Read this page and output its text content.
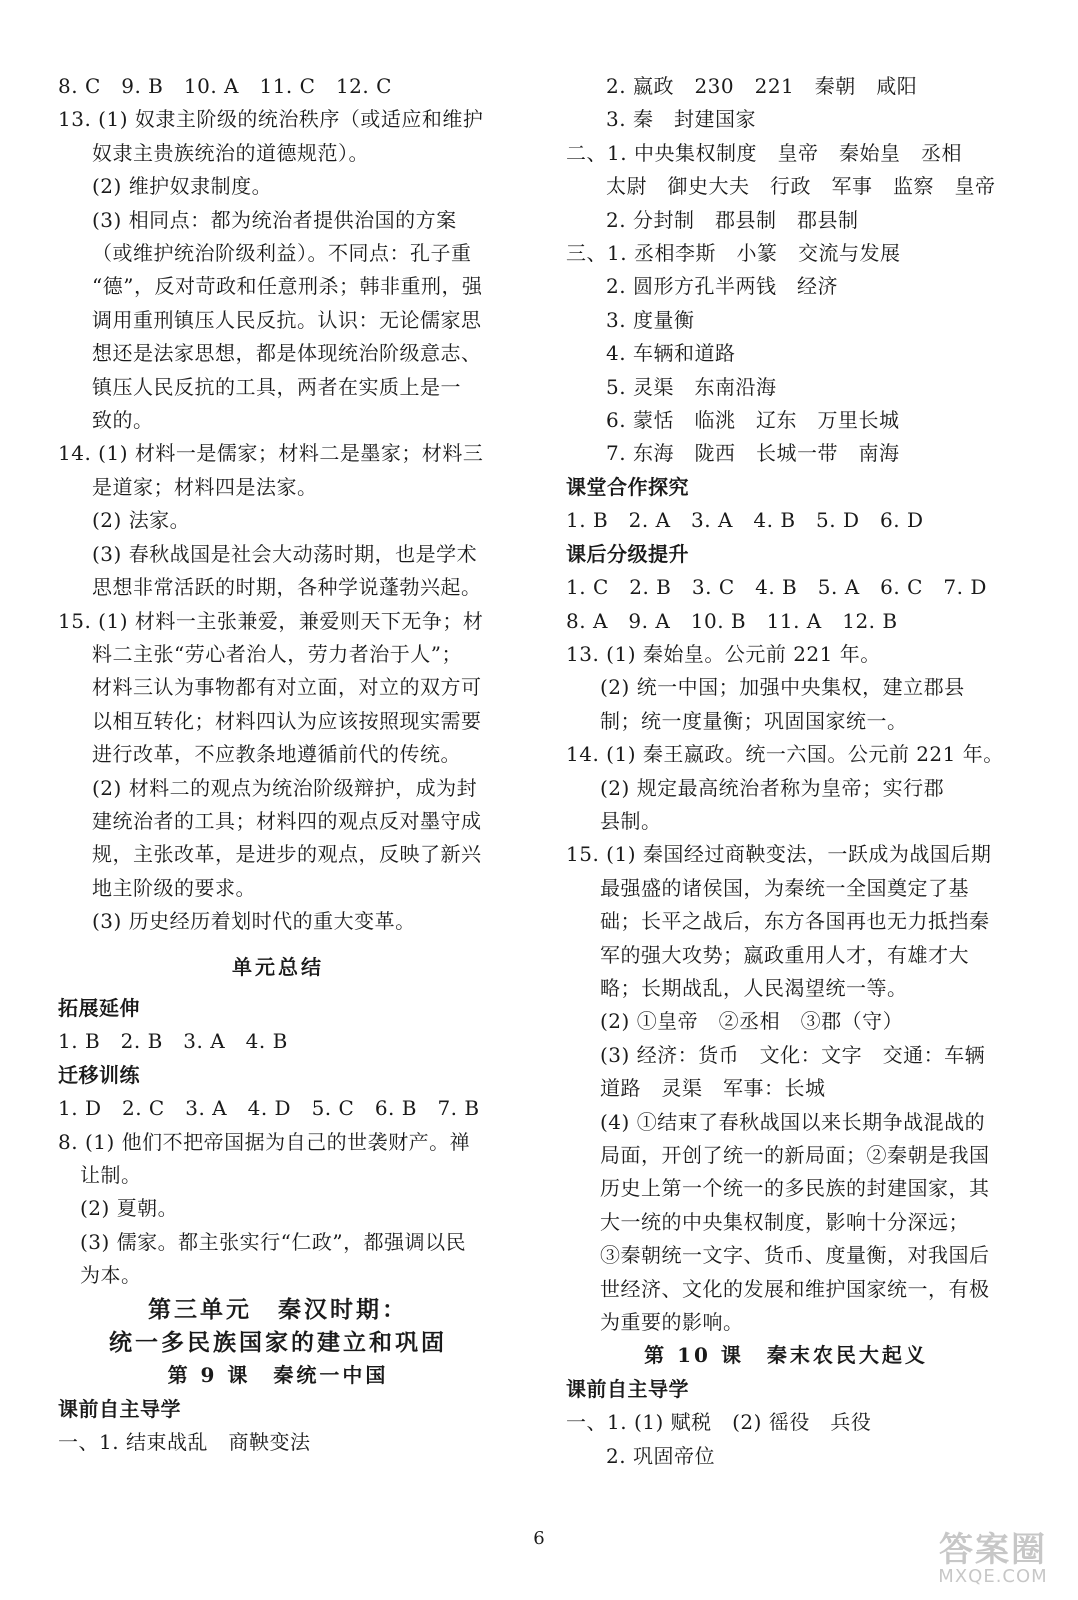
8. C　9. B　10. A　11. C　12. C
13. (1) 奴隶主阶级的统治秩序（或适应和维护
奴隶主贵族统治的道德规范）。
(2) 维护奴隶制度。
(3) 相同点：都为统治者提供治国的方案
（或维护统治阶级利益）。不同点：孔子重
“德”，反对苛政和任意刑杀；韩非重刑，强
调用重刑镇压人民反抗。认识：无论儒家思
想还是法家思想，都是体现统治阶级意志、
镇压人民反抗的工具，两者在实质上是一
致的。
14. (1) 材料一是儒家；材料二是墨家；材料三
是道家；材料四是法家。
(2) 法家。
(3) 春秋战国是社会大动荡时期，也是学术
思想非常活跃的时期，各种学说蓬勃兴起。
15. (1) 材料一主张兼爱，兼爱则天下无争；材
料二主张“劳心者治人，劳力者治于人”；
材料三认为事物都有对立面，对立的双方可
以相互转化；材料四认为应该按照现实需要
进行改革，不应教条地遵循前代的传统。
(2) 材料二的观点为统治阶级辩护，成为封
建统治者的工具；材料四的观点反对墨守成
规，主张改革，是进步的观点，反映了新兴
地主阶级的要求。
(3) 历史经历着划时代的重大变革。
单元总结
拓展延伸
1. B　2. B　3. A　4. B
迁移训练
1. D　2. C　3. A　4. D　5. C　6. B　7. B
8. (1) 他们不把帝国据为自己的世袭财产。禅
让制。
(2) 夏朝。
(3) 儒家。都主张实行“仁政”，都强调以民
为本。
第三单元　秦汉时期：
统一多民族国家的建立和巩固
第 9 课　秦统一中国
课前自主导学
一、1. 结束战乱　商鞅变法
2. 嬴政　230　221　秦朝　咸阳
3. 秦　封建国家
二、1. 中央集权制度　皇帝　秦始皇　丞相
太尉　御史大夫　行政　军事　监察　皇帝
2. 分封制　郡县制　郡县制
三、1. 丞相李斯　小篆　交流与发展
2. 圆形方孔半两钱　经济
3. 度量衡
4. 车辆和道路
5. 灵渠　东南沿海
6. 蒙恬　临洮　辽东　万里长城
7. 东海　陇西　长城一带　南海
课堂合作探究
1. B　2. A　3. A　4. B　5. D　6. D
课后分级提升
1. C　2. B　3. C　4. B　5. A　6. C　7. D
8. A　9. A　10. B　11. A　12. B
13. (1) 秦始皇。公元前 221 年。
(2) 统一中国；加强中央集权，建立郡县
制；统一度量衡；巩固国家统一。
14. (1) 秦王嬴政。统一六国。公元前 221 年。
(2) 规定最高统治者称为皇帝；实行郡
县制。
15. (1) 秦国经过商鞅变法，一跃成为战国后期
最强盛的诸侯国，为秦统一全国奠定了基
础；长平之战后，东方各国再也无力抵挡秦
军的强大攻势；嬴政重用人才，有雄才大
略；长期战乱，人民渴望统一等。
(2) ①皇帝　②丞相　③郡（守）
(3) 经济：货币　文化：文字　交通：车辆
道路　灵渠　军事：长城
(4) ①结束了春秋战国以来长期争战混战的
局面，开创了统一的新局面；②秦朝是我国
历史上第一个统一的多民族的封建国家，其
大一统的中央集权制度，影响十分深远；
③秦朝统一文字、货币、度量衡，对我国后
世经济、文化的发展和维护国家统一，有极
为重要的影响。
第 10 课　秦末农民大起义
课前自主导学
一、1. (1) 赋税　(2) 徭役　兵役
2. 巩固帝位
6	答案圈
MXQE.COM
